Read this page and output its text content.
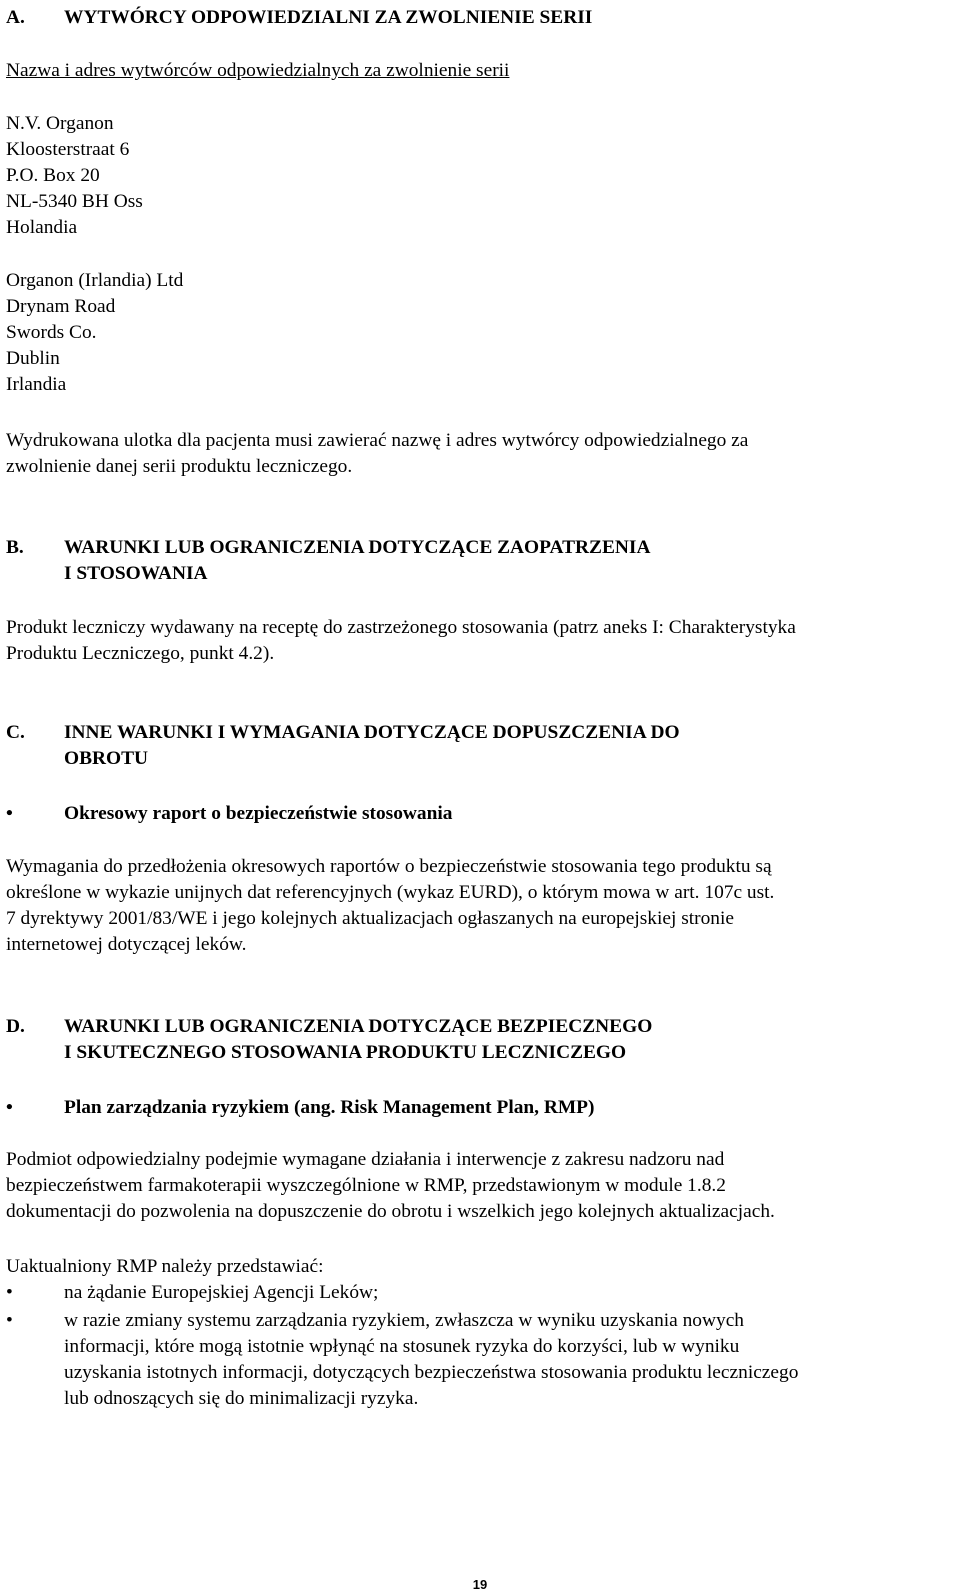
A. WYTWÓRCY ODPOWIEDZIALNI ZA ZWOLNIENIE SERII
Nazwa i adres wytwórców odpowiedzialnych za zwolnienie serii
N.V. Organon
Kloosterstraat 6
P.O. Box 20
NL-5340 BH Oss
Holandia
Organon (Irlandia) Ltd
Drynam Road
Swords Co.
Dublin
Irlandia
Wydrukowana ulotka dla pacjenta musi zawierać nazwę i adres wytwórcy odpowiedzialnego za
zwolnienie danej serii produktu leczniczego.
B. WARUNKI LUB OGRANICZENIA DOTYCZĄCE ZAOPATRZENIA
I STOSOWANIA
Produkt leczniczy wydawany na receptę do zastrzeżonego stosowania (patrz aneks I: Charakterystyka
Produktu Leczniczego, punkt 4.2).
C. INNE WARUNKI I WYMAGANIA DOTYCZĄCE DOPUSZCZENIA DO
OBROTU
•	Okresowy raport o bezpieczeństwie stosowania
Wymagania do przedłożenia okresowych raportów o bezpieczeństwie stosowania tego produktu są
określone w wykazie unijnych dat referencyjnych (wykaz EURD), o którym mowa w art. 107c ust.
7 dyrektywy 2001/83/WE i jego kolejnych aktualizacjach ogłaszanych na europejskiej stronie
internetowej dotyczącej leków.
D. WARUNKI LUB OGRANICZENIA DOTYCZĄCE BEZPIECZNEGO
I SKUTECZNEGO STOSOWANIA PRODUKTU LECZNICZEGO
•	Plan zarządzania ryzykiem (ang. Risk Management Plan, RMP)
Podmiot odpowiedzialny podejmie wymagane działania i interwencje z zakresu nadzoru nad
bezpieczeństwem farmakoterapii wyszczególnione w RMP, przedstawionym w module 1.8.2
dokumentacji do pozwolenia na dopuszczenie do obrotu i wszelkich jego kolejnych aktualizacjach.
Uaktualniony RMP należy przedstawiać:
•	na żądanie Europejskiej Agencji Leków;
•	w razie zmiany systemu zarządzania ryzykiem, zwłaszcza w wyniku uzyskania nowych
informacji, które mogą istotnie wpłynąć na stosunek ryzyka do korzyści, lub w wyniku
uzyskania istotnych informacji, dotyczących bezpieczeństwa stosowania produktu leczniczego
lub odnoszących się do minimalizacji ryzyka.
19
